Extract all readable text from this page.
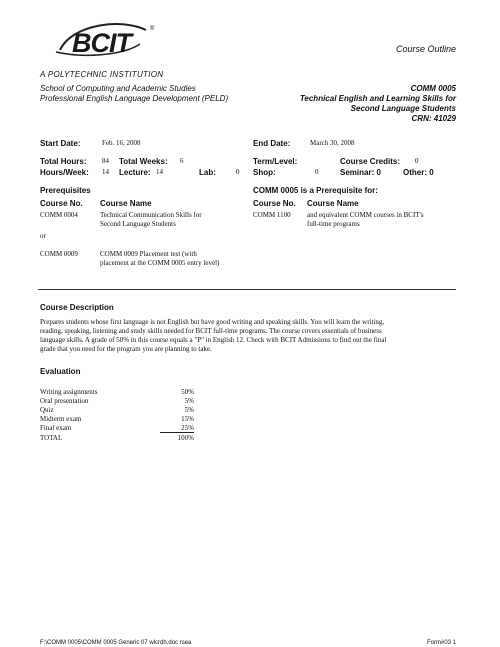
BCIT	®
Course Outline
A POLYTECHNIC INSTITUTION
School of Computing and Academic Studies
Professional English Language Development (PELD)
COMM 0005
Technical English and Learning Skills for
Second Language Students
CRN: 41029
Start Date:	Feb. 16, 2008	End Date:	March 30, 2008
Total Hours: 84 Total Weeks: 6	Term/Level:	Course Credits: 0
Hours/Week: 14 Lecture: 14	Lab:	0 Shop:	0	Seminar: 0	Other: 0
Prerequisites
Course No. Course Name
COMM 0004	Technical Communication Skills for
Second Language Students
or
COMM 0009	COMM 0009 Placement test (with
placement at the COMM 0005 entry level)
COMM 0005 is a Prerequisite for:
Course No. Course Name
COMM 1100 and equivalent COMM courses in BCIT's
full-time programs
Course Description
Prepares students whose first language is not English but have good writing and speaking skills. You will learn the writing,
reading, speaking, listening and study skills needed for BCIT full-time programs. The course covers essentials of business
language skills. A grade of 50% in this course equals a "P" in English 12. Check with BCIT Admissions to find out the final
grade that you need for the program you are planning to take.
Evaluation
Writing assignments	50%
Oral presentation	5%
Quiz	5%
Midterm exam	15%
Final exam	25%
TOTAL	100%
F:\COMM 0005\COMM 0005 Generic 07 wlcrdh.doc rsea	Form#03 1
